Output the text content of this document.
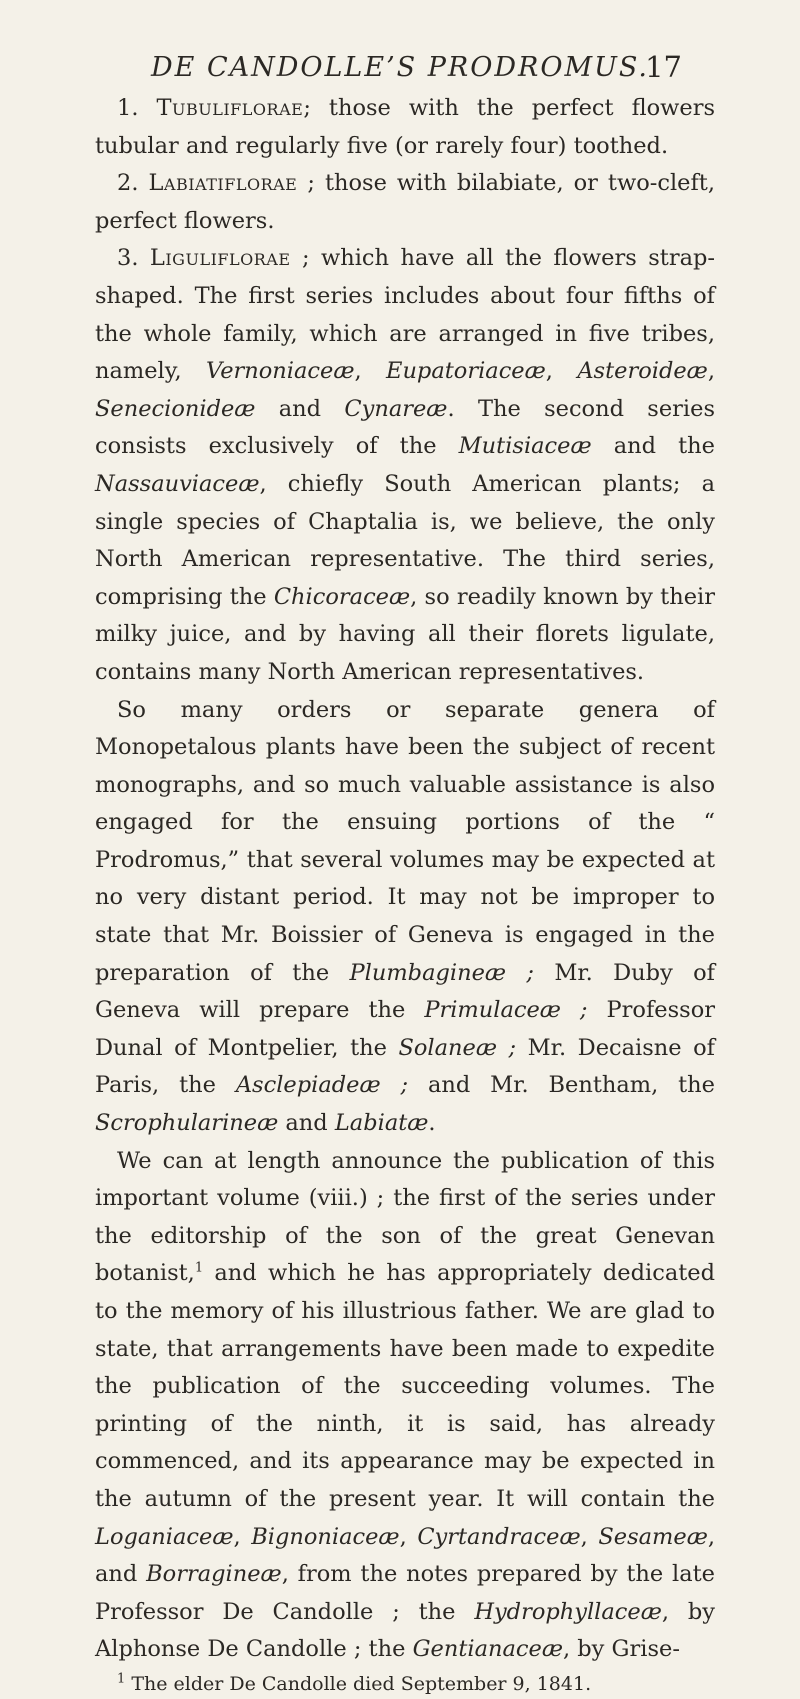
DE CANDOLLE’S PRODROMUS.
17

1. Tubuliflorae; those with the perfect flowers tubular and regularly five (or rarely four) toothed.

2. Labiatiflorae ; those with bilabiate, or two-cleft, perfect flowers.

3. Liguliflorae ; which have all the flowers strap-shaped. The first series includes about four fifths of the whole family, which are arranged in five tribes, namely, Vernoniaceæ, Eupatoriaceæ, Asteroideæ, Senecionideæ and Cynareæ. The second series consists exclusively of the Mutisiaceæ and the Nassauviaceæ, chiefly South American plants; a single species of Chaptalia is, we believe, the only North American representative. The third series, comprising the Chicoraceæ, so readily known by their milky juice, and by having all their florets ligulate, contains many North American representatives.

So many orders or separate genera of Monopetalous plants have been the subject of recent monographs, and so much valuable assistance is also engaged for the ensuing portions of the “ Prodromus,” that several volumes may be expected at no very distant period. It may not be improper to state that Mr. Boissier of Geneva is engaged in the preparation of the Plumbagineæ ; Mr. Duby of Geneva will prepare the Primulaceæ ; Professor Dunal of Montpelier, the Solaneæ ; Mr. Decaisne of Paris, the Asclepiadeæ ; and Mr. Bentham, the Scrophularineæ and Labiatæ.

We can at length announce the publication of this important volume (viii.) ; the first of the series under the editorship of the son of the great Genevan botanist,$^1$ and which he has appropriately dedicated to the memory of his illustrious father. We are glad to state, that arrangements have been made to expedite the publication of the succeeding volumes. The printing of the ninth, it is said, has already commenced, and its appearance may be expected in the autumn of the present year. It will contain the Loganiaceæ, Bignoniaceæ, Cyrtandraceæ, Sesameæ, and Borragineæ, from the notes prepared by the late Professor De Candolle ; the Hydrophyllaceæ, by Alphonse De Candolle ; the Gentianaceæ, by Grise-

$^1$ The elder De Candolle died September 9, 1841.
